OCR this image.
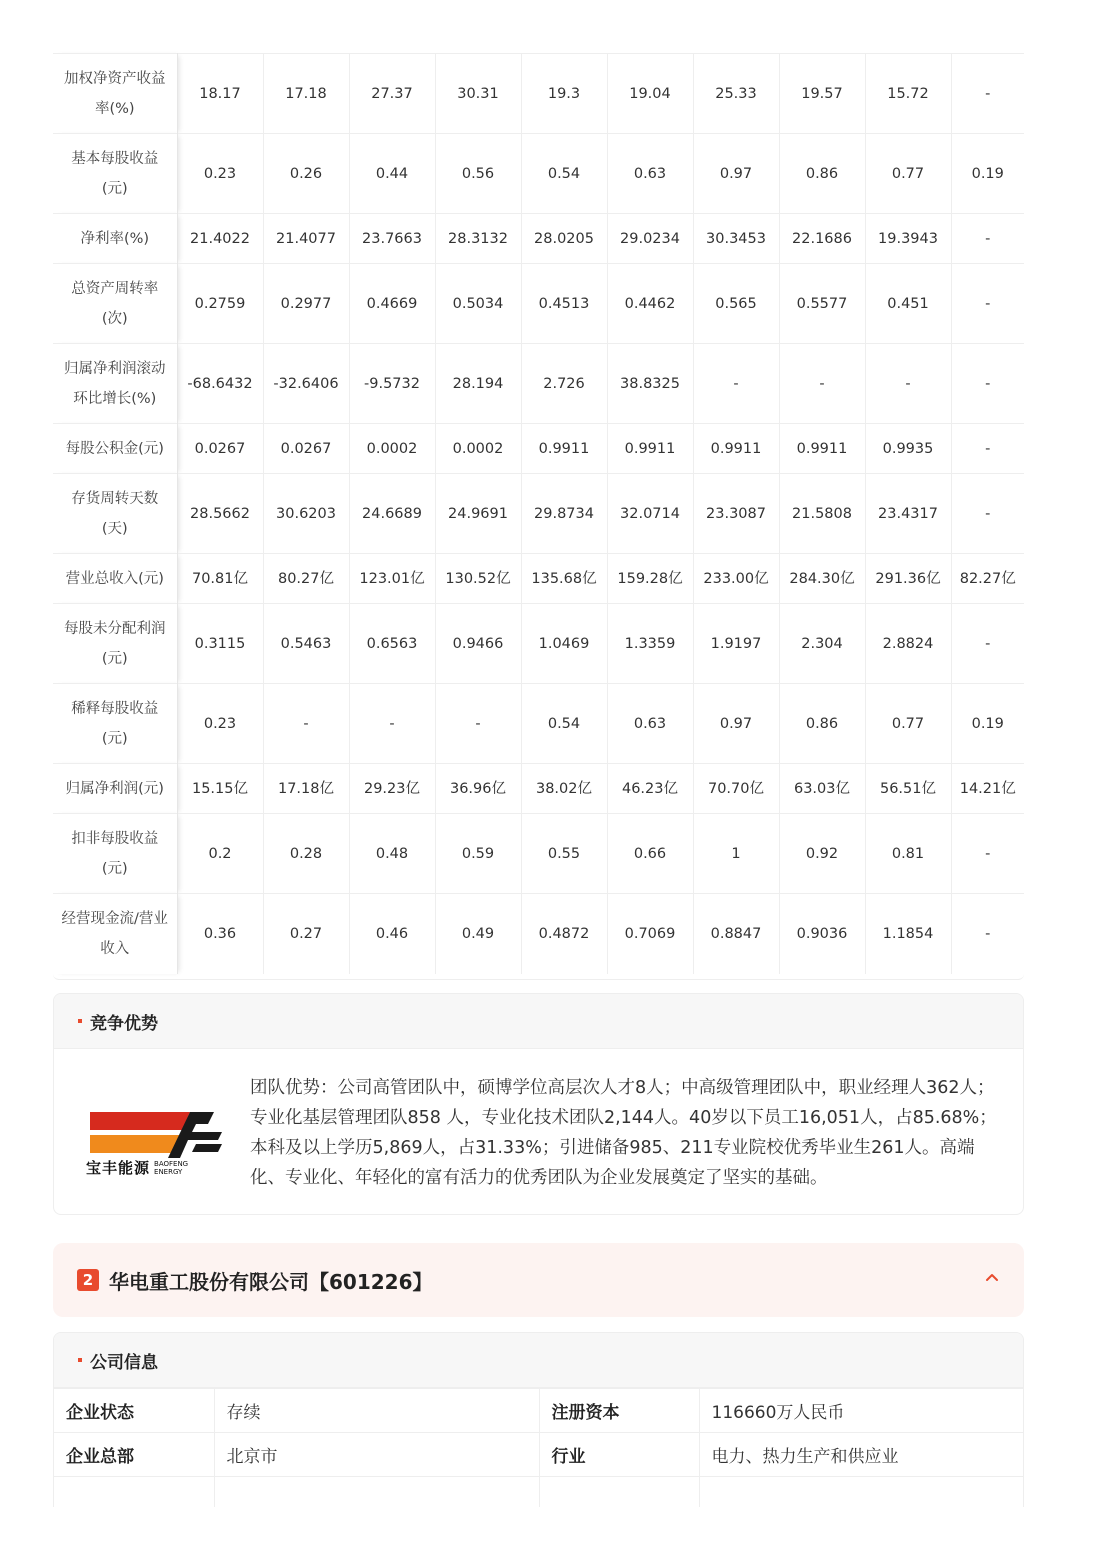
加权净资产收益率(%)	18.17	17.18	27.37	30.31	19.3	19.04	25.33	19.57	15.72	-
基本每股收益(元)	0.23	0.26	0.44	0.56	0.54	0.63	0.97	0.86	0.77	0.19
净利率(%)	21.4022	21.4077	23.7663	28.3132	28.0205	29.0234	30.3453	22.1686	19.3943	-
总资产周转率(次)	0.2759	0.2977	0.4669	0.5034	0.4513	0.4462	0.565	0.5577	0.451	-
归属净利润滚动环比增长(%)	-68.6432	-32.6406	-9.5732	28.194	2.726	38.8325	-	-	-	-
每股公积金(元)	0.0267	0.0267	0.0002	0.0002	0.9911	0.9911	0.9911	0.9911	0.9935	-
存货周转天数(天)	28.5662	30.6203	24.6689	24.9691	29.8734	32.0714	23.3087	21.5808	23.4317	-
营业总收入(元)	70.81亿	80.27亿	123.01亿	130.52亿	135.68亿	159.28亿	233.00亿	284.30亿	291.36亿	82.27亿
每股未分配利润(元)	0.3115	0.5463	0.6563	0.9466	1.0469	1.3359	1.9197	2.304	2.8824	-
稀释每股收益(元)	0.23	-	-	-	0.54	0.63	0.97	0.86	0.77	0.19
归属净利润(元)	15.15亿	17.18亿	29.23亿	36.96亿	38.02亿	46.23亿	70.70亿	63.03亿	56.51亿	14.21亿
扣非每股收益(元)	0.2	0.28	0.48	0.59	0.55	0.66	1	0.92	0.81	-
经营现金流/营业收入	0.36	0.27	0.46	0.49	0.4872	0.7069	0.8847	0.9036	1.1854	-
竞争优势
宝丰能源 BAOFENG
ENERGY
团队优势：公司高管团队中，硕博学位高层次人才8人；中高级管理团队中，职业经理人362人；专业化基层管理团队858 人，专业化技术团队2,144人。40岁以下员工16,051人，占85.68%；本科及以上学历5,869人，占31.33%；引进储备985、211专业院校优秀毕业生261人。高端化、专业化、年轻化的富有活力的优秀团队为企业发展奠定了坚实的基础。
2 华电重工股份有限公司【601226】
公司信息
企业状态	存续	注册资本	116660万人民币
企业总部	北京市	行业	电力、热力生产和供应业
